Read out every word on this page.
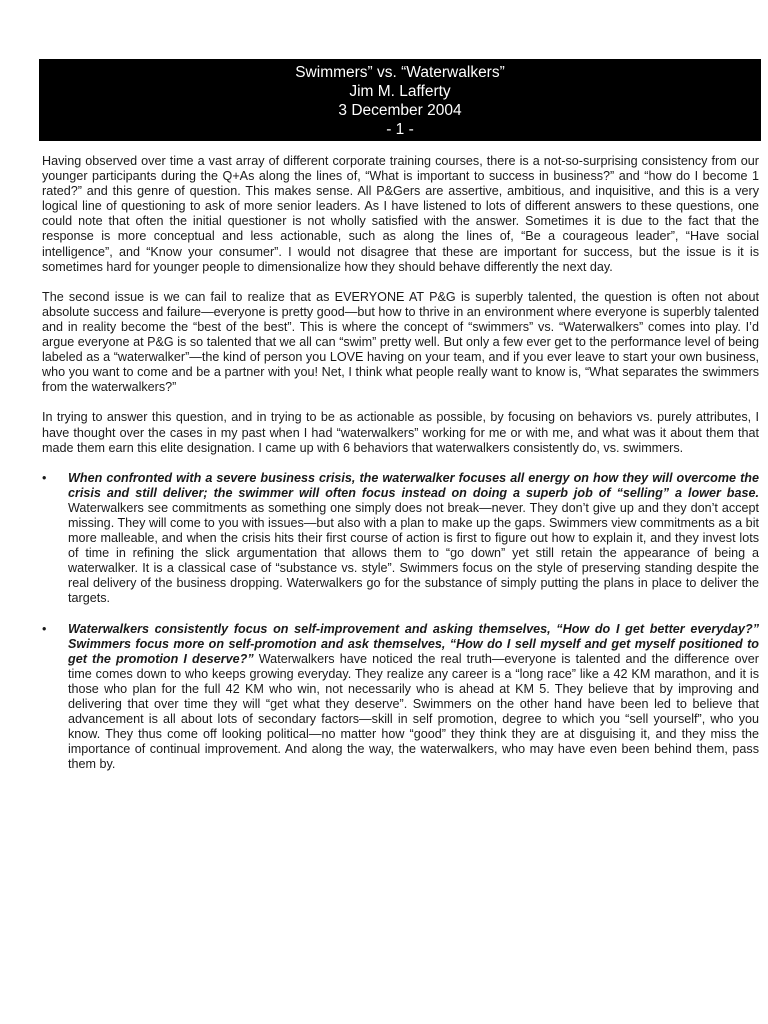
Swimmers” vs. “Waterwalkers”
Jim M. Lafferty
3 December 2004
- 1 -

Having observed over time a vast array of different corporate training courses, there is a not-so-surprising consistency from our younger participants during the Q+As along the lines of, “What is important to success in business?” and “how do I become 1 rated?” and this genre of question. This makes sense. All P&Gers are assertive, ambitious, and inquisitive, and this is a very logical line of questioning to ask of more senior leaders. As I have listened to lots of different answers to these questions, one could note that often the initial questioner is not wholly satisfied with the answer. Sometimes it is due to the fact that the response is more conceptual and less actionable, such as along the lines of, “Be a courageous leader”, “Have social intelligence”, and “Know your consumer”. I would not disagree that these are important for success, but the issue is it is sometimes hard for younger people to dimensionalize how they should behave differently the next day.

The second issue is we can fail to realize that as EVERYONE AT P&G is superbly talented, the question is often not about absolute success and failure—everyone is pretty good—but how to thrive in an environment where everyone is superbly talented and in reality become the “best of the best”. This is where the concept of “swimmers” vs. “Waterwalkers” comes into play. I’d argue everyone at P&G is so talented that we all can “swim” pretty well. But only a few ever get to the performance level of being labeled as a “waterwalker”—the kind of person you LOVE having on your team, and if you ever leave to start your own business, who you want to come and be a partner with you! Net, I think what people really want to know is, “What separates the swimmers from the waterwalkers?”

In trying to answer this question, and in trying to be as actionable as possible, by focusing on behaviors vs. purely attributes, I have thought over the cases in my past when I had “waterwalkers” working for me or with me, and what was it about them that made them earn this elite designation. I came up with 6 behaviors that waterwalkers consistently do, vs. swimmers.

•	When confronted with a severe business crisis, the waterwalker focuses all energy on how they will overcome the crisis and still deliver; the swimmer will often focus instead on doing a superb job of “selling” a lower base. Waterwalkers see commitments as something one simply does not break—never. They don’t give up and they don’t accept missing. They will come to you with issues—but also with a plan to make up the gaps. Swimmers view commitments as a bit more malleable, and when the crisis hits their first course of action is first to figure out how to explain it, and they invest lots of time in refining the slick argumentation that allows them to “go down” yet still retain the appearance of being a waterwalker. It is a classical case of “substance vs. style”. Swimmers focus on the style of preserving standing despite the real delivery of the business dropping. Waterwalkers go for the substance of simply putting the plans in place to deliver the targets.
•	Waterwalkers consistently focus on self-improvement and asking themselves, “How do I get better everyday?” Swimmers focus more on self-promotion and ask themselves, “How do I sell myself and get myself positioned to get the promotion I deserve?” Waterwalkers have noticed the real truth—everyone is talented and the difference over time comes down to who keeps growing everyday. They realize any career is a “long race” like a 42 KM marathon, and it is those who plan for the full 42 KM who win, not necessarily who is ahead at KM 5. They believe that by improving and delivering that over time they will “get what they deserve”. Swimmers on the other hand have been led to believe that advancement is all about lots of secondary factors—skill in self promotion, degree to which you “sell yourself”, who you know. They thus come off looking political—no matter how “good” they think they are at disguising it, and they miss the importance of continual improvement. And along the way, the waterwalkers, who may have even been behind them, pass them by.
